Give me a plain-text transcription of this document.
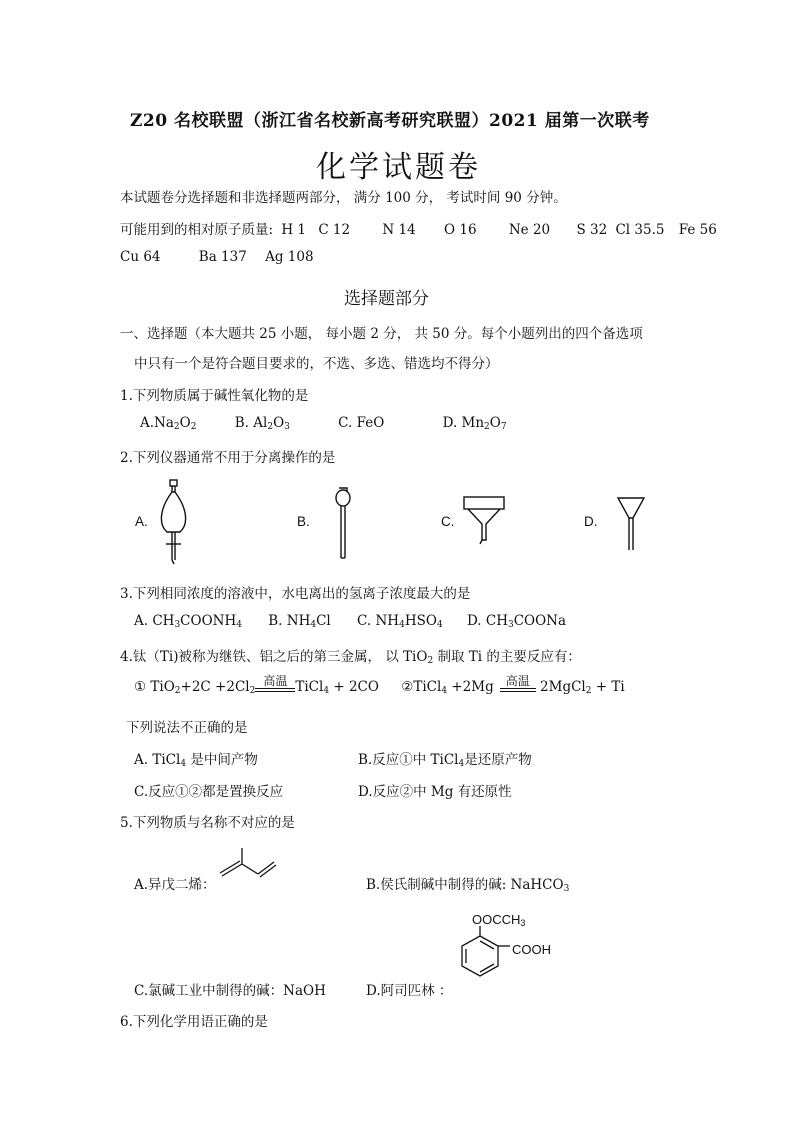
Z20 名校联盟（浙江省名校新高考研究联盟）2021 届第一次联考
化学试题卷
本试题卷分选择题和非选择题两部分， 满分 100 分， 考试时间 90 分钟。
可能用到的相对原子质量: H 1 C 12 N 14 O 16 Ne 20 S 32 Cl 35.5 Fe 56
Cu 64	Ba 137 Ag 108
选择题部分
一、选择题（本大题共 25 小题， 每小题 2 分， 共 50 分。每个小题列出的四个备选项
中只有一个是符合题目要求的，不选、多选、错选均不得分）
1.下列物质属于碱性氧化物的是
$A.Na_2O_2$	B. $Al_2O_3$	C. FeO	D. $Mn_2O_7$
2.下列仪器通常不用于分离操作的是
A.	B.	C.	D.
3.下列相同浓度的溶液中，水电离出的氢离子浓度最大的是
A. $CH_3COONH_4$ B. $NH_4Cl$ C. $NH_4HSO_4$ D. $CH_3COONa$
4.钛（Ti)被称为继铁、铝之后的第三金属， 以 TiO$_2$ 制取 Ti 的主要反应有：
① $TiO_2+2C +2Cl_2$
高温 TiCl$_4$ + 2CO ②TiCl$_4$ +2Mg 高温 2MgCl$_2$ + Ti
下列说法不正确的是
A. TiCl$_4$ 是中间产物	B.反应①中 TiCl$_4$是还原产物
C.反应①②都是置换反应	D.反应②中 Mg 有还原性
5.下列物质与名称不对应的是
A.异戊二烯：	B.侯氏制碱中制得的碱: NaHCO$_3$
$OOCCH_3$
COOH
C.氯碱工业中制得的碱：NaOH	D.阿司匹林 ：
6.下列化学用语正确的是
